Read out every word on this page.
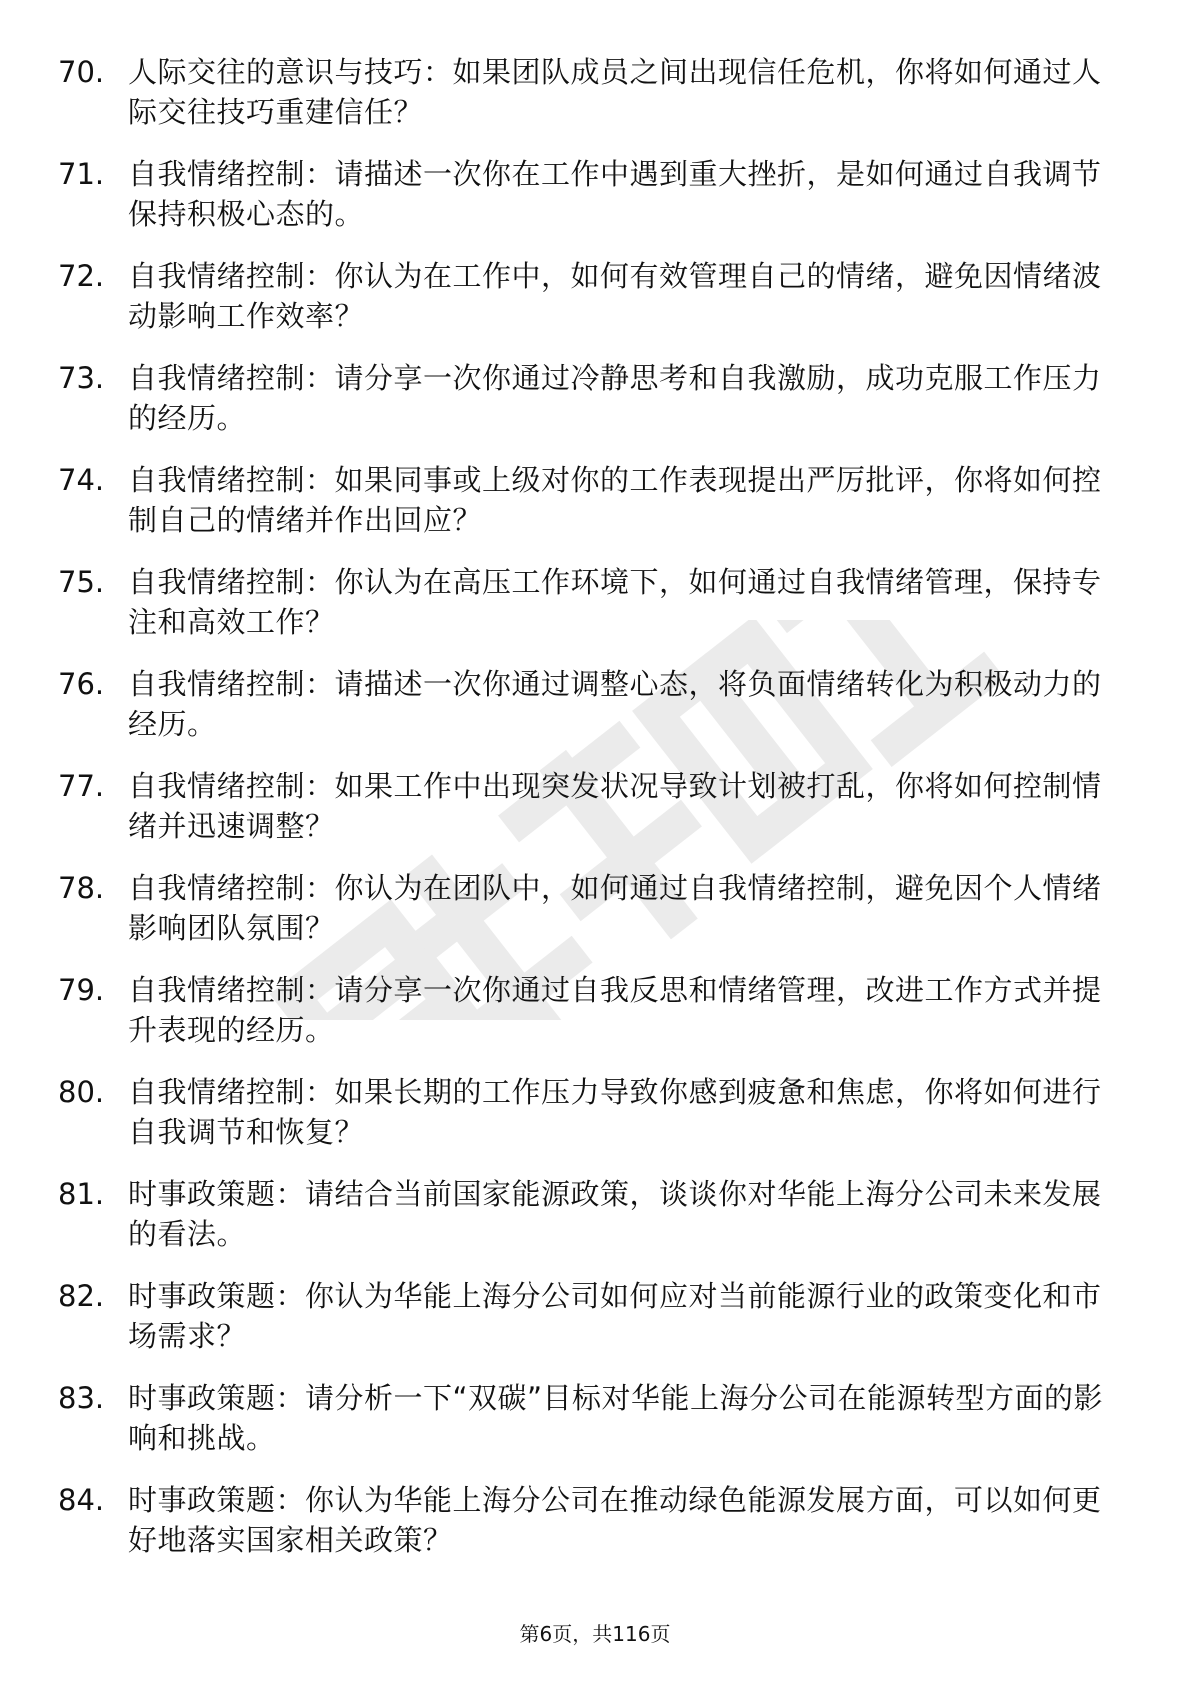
70. 人际交往的意识与技巧：如果团队成员之间出现信任危机，你将如何通过人际交往技巧重建信任？
71. 自我情绪控制：请描述一次你在工作中遇到重大挫折，是如何通过自我调节保持积极心态的。
72. 自我情绪控制：你认为在工作中，如何有效管理自己的情绪，避免因情绪波动影响工作效率？
73. 自我情绪控制：请分享一次你通过冷静思考和自我激励，成功克服工作压力的经历。
74. 自我情绪控制：如果同事或上级对你的工作表现提出严厉批评，你将如何控制自己的情绪并作出回应？
75. 自我情绪控制：你认为在高压工作环境下，如何通过自我情绪管理，保持专注和高效工作？
76. 自我情绪控制：请描述一次你通过调整心态，将负面情绪转化为积极动力的经历。
77. 自我情绪控制：如果工作中出现突发状况导致计划被打乱，你将如何控制情绪并迅速调整？
78. 自我情绪控制：你认为在团队中，如何通过自我情绪控制，避免因个人情绪影响团队氛围？
79. 自我情绪控制：请分享一次你通过自我反思和情绪管理，改进工作方式并提升表现的经历。
80. 自我情绪控制：如果长期的工作压力导致你感到疲惫和焦虑，你将如何进行自我调节和恢复？
81. 时事政策题：请结合当前国家能源政策，谈谈你对华能上海分公司未来发展的看法。
82. 时事政策题：你认为华能上海分公司如何应对当前能源行业的政策变化和市场需求？
83. 时事政策题：请分析一下“双碳”目标对华能上海分公司在能源转型方面的影响和挑战。
84. 时事政策题：你认为华能上海分公司在推动绿色能源发展方面，可以如何更好地落实国家相关政策？
第6页，共116页
